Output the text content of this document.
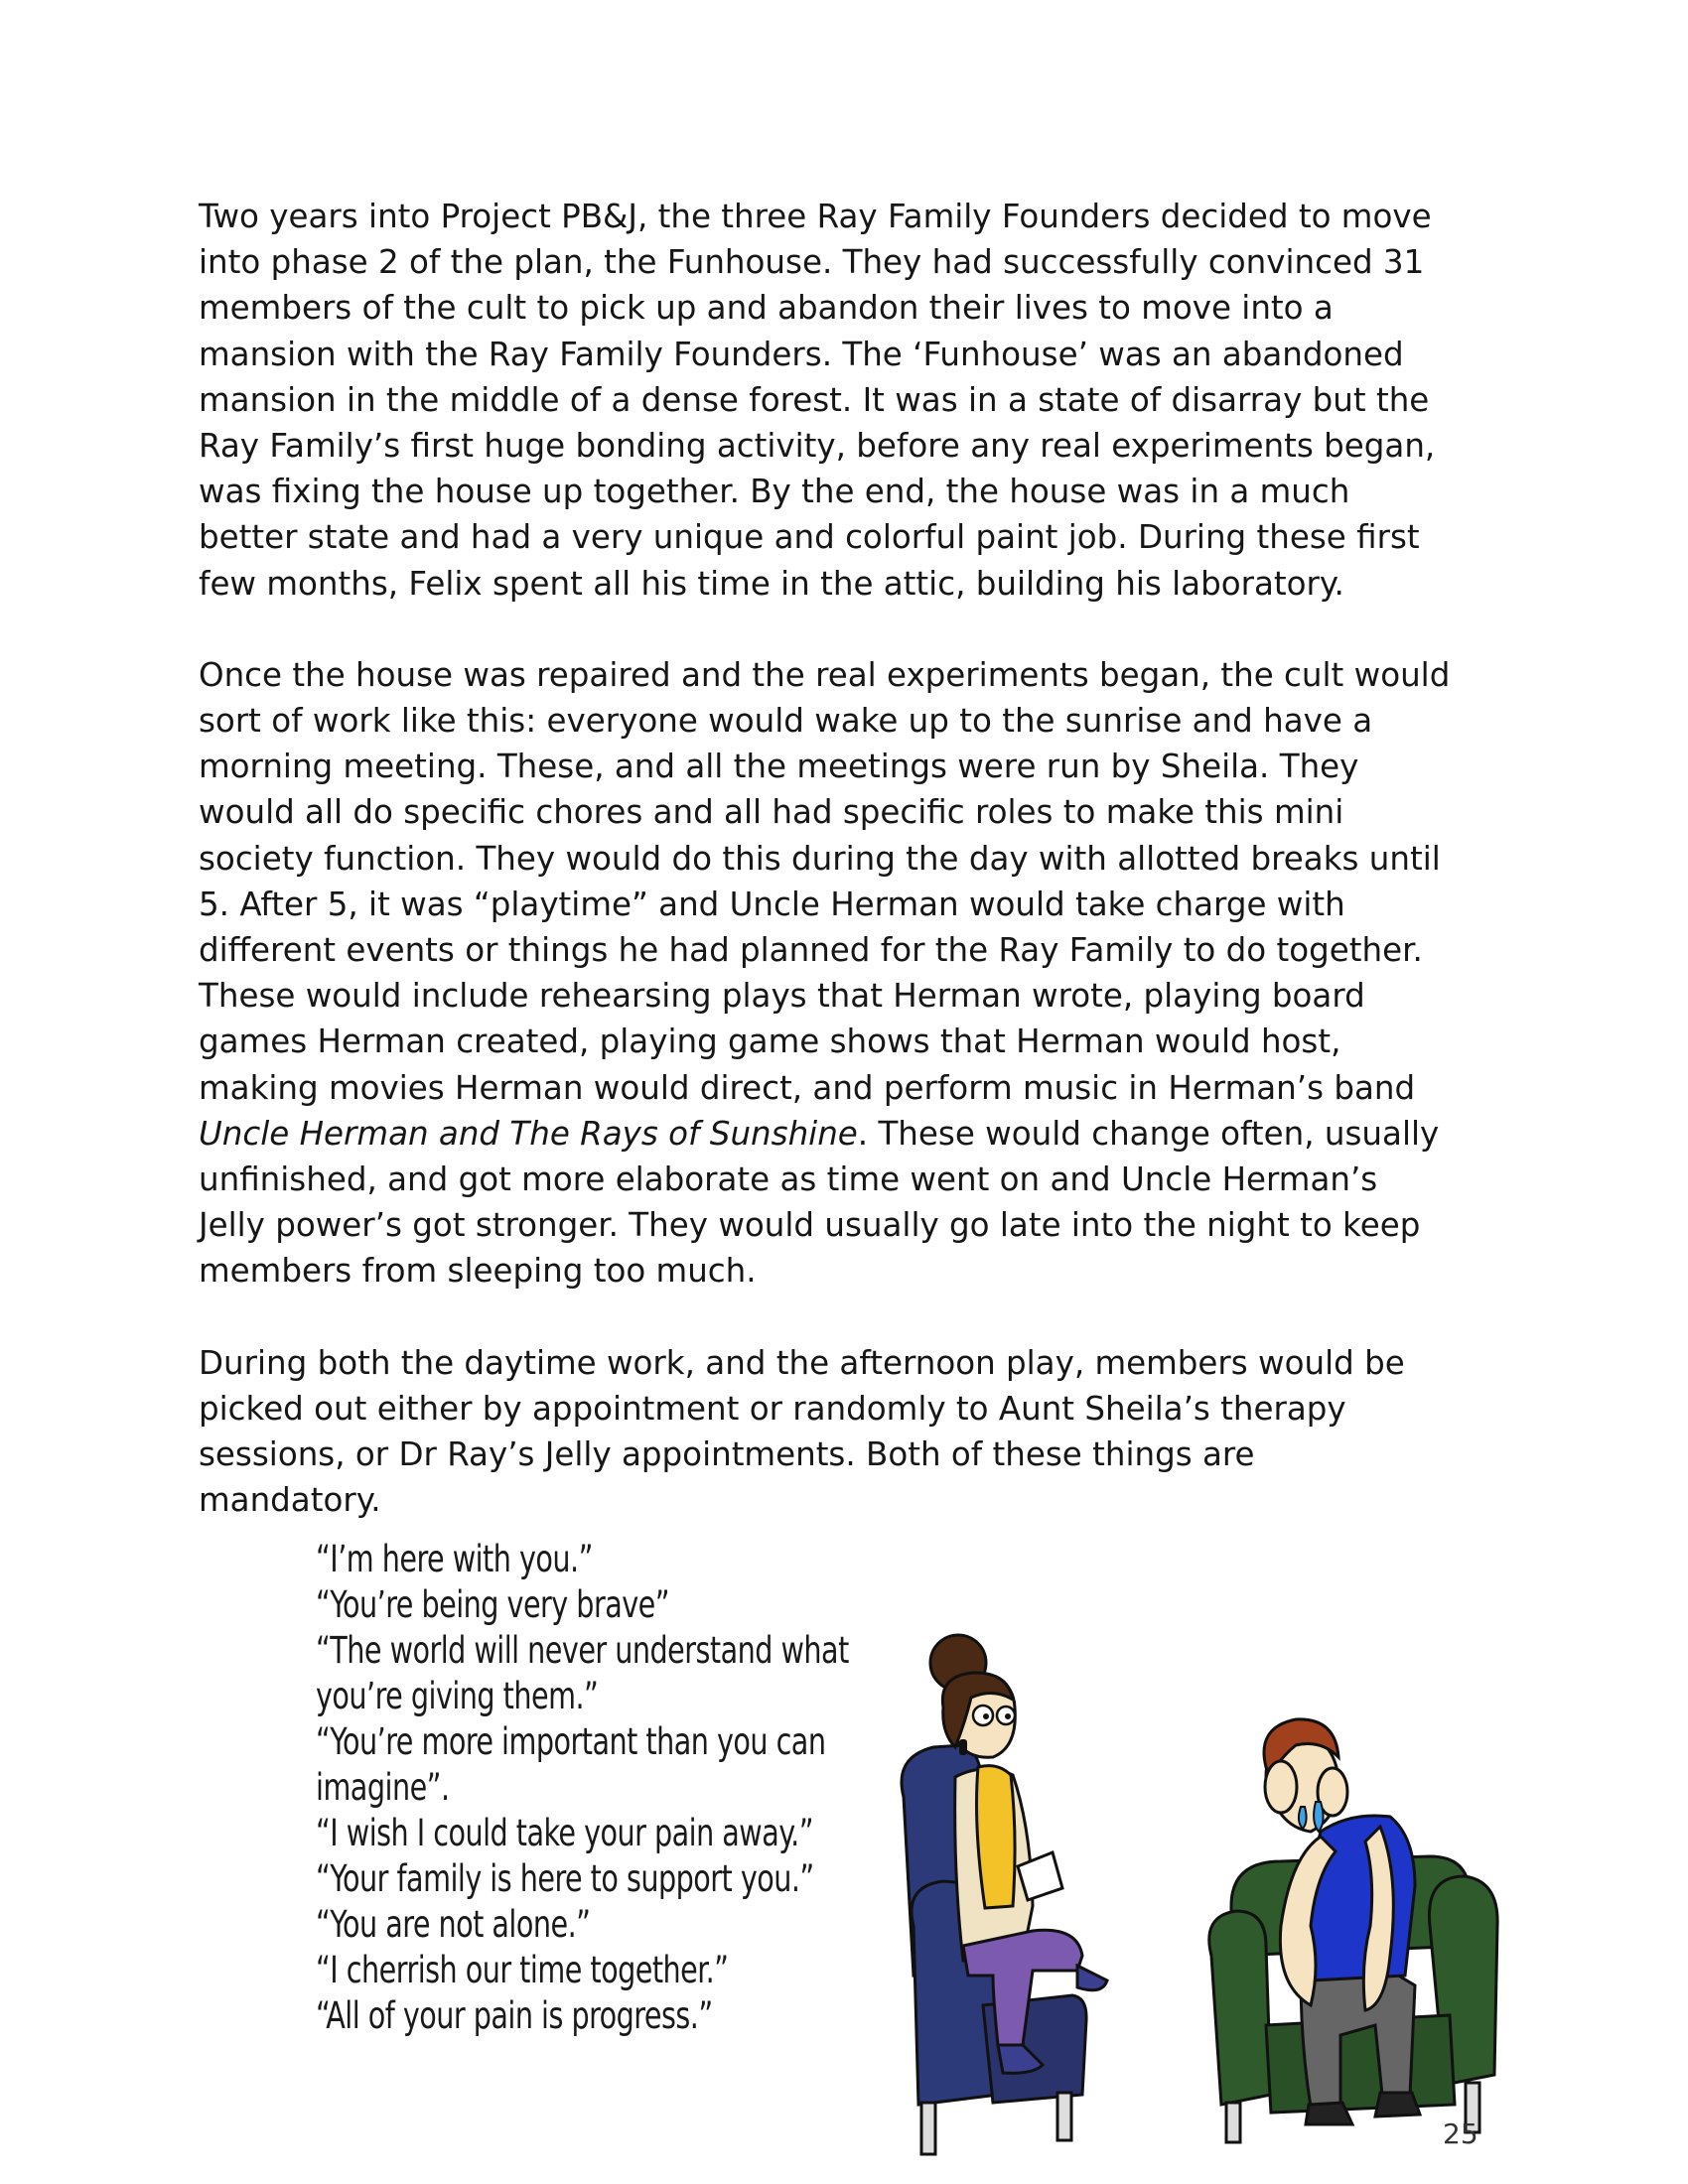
Two years into Project PB&J, the three Ray Family Founders decided to move
into phase 2 of the plan, the Funhouse. They had successfully convinced 31
members of the cult to pick up and abandon their lives to move into a
mansion with the Ray Family Founders. The ‘Funhouse’ was an abandoned
mansion in the middle of a dense forest. It was in a state of disarray but the
Ray Family’s first huge bonding activity, before any real experiments began,
was fixing the house up together. By the end, the house was in a much
better state and had a very unique and colorful paint job. During these first
few months, Felix spent all his time in the attic, building his laboratory.

Once the house was repaired and the real experiments began, the cult would
sort of work like this: everyone would wake up to the sunrise and have a
morning meeting. These, and all the meetings were run by Sheila. They
would all do specific chores and all had specific roles to make this mini
society function. They would do this during the day with allotted breaks until
5. After 5, it was “playtime” and Uncle Herman would take charge with
different events or things he had planned for the Ray Family to do together.
These would include rehearsing plays that Herman wrote, playing board
games Herman created, playing game shows that Herman would host,
making movies Herman would direct, and perform music in Herman’s band
Uncle Herman and The Rays of Sunshine. These would change often, usually
unfinished, and got more elaborate as time went on and Uncle Herman’s
Jelly power’s got stronger. They would usually go late into the night to keep
members from sleeping too much.

During both the daytime work, and the afternoon play, members would be
picked out either by appointment or randomly to Aunt Sheila’s therapy
sessions, or Dr Ray’s Jelly appointments. Both of these things are
mandatory.

“I’m here with you.”
“You’re being very brave”
“The world will never understand what
you’re giving them.”
“You’re more important than you can
imagine”.
“I wish I could take your pain away.”
“Your family is here to support you.”
“You are not alone.”
“I cherrish our time together.”
“All of your pain is progress.”
25
